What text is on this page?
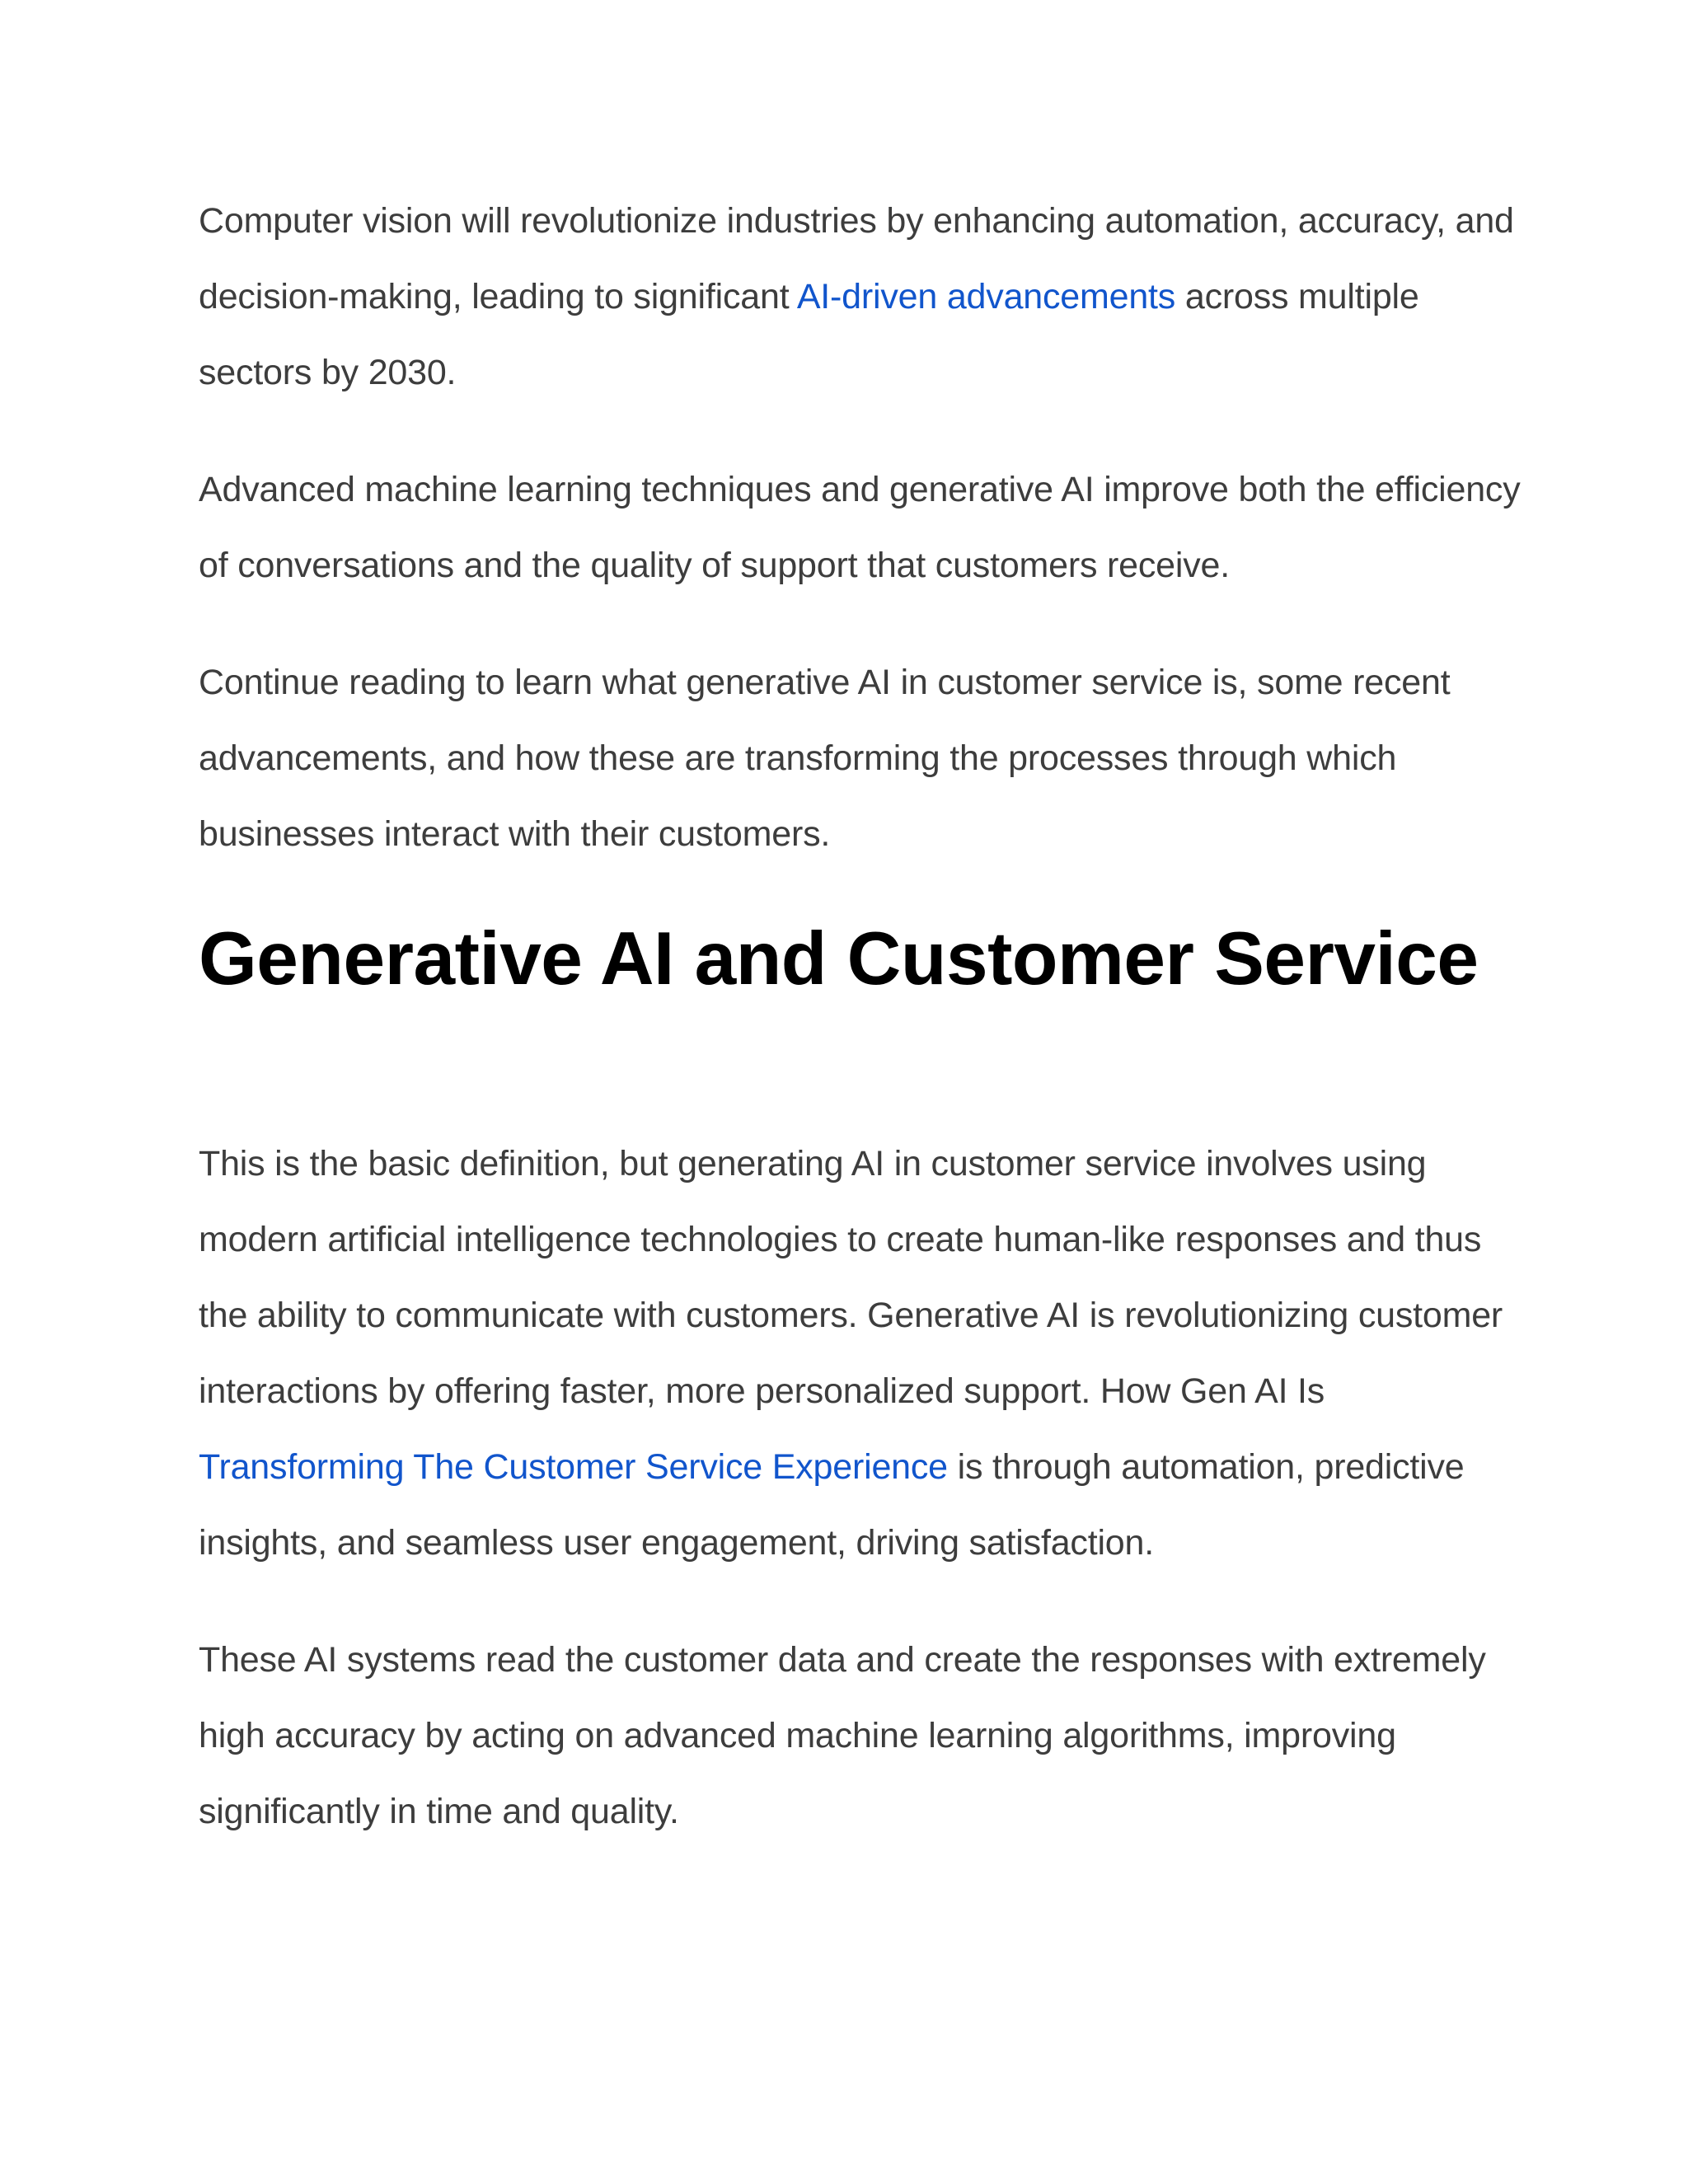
Computer vision will revolutionize industries by enhancing automation, accuracy, and decision-making, leading to significant AI-driven advancements across multiple sectors by 2030.

Advanced machine learning techniques and generative AI improve both the efficiency of conversations and the quality of support that customers receive.

Continue reading to learn what generative AI in customer service is, some recent advancements, and how these are transforming the processes through which businesses interact with their customers.

Generative AI and Customer Service

This is the basic definition, but generating AI in customer service involves using modern artificial intelligence technologies to create human-like responses and thus the ability to communicate with customers. Generative AI is revolutionizing customer interactions by offering faster, more personalized support. How Gen AI Is Transforming The Customer Service Experience is through automation, predictive insights, and seamless user engagement, driving satisfaction.

These AI systems read the customer data and create the responses with extremely high accuracy by acting on advanced machine learning algorithms, improving significantly in time and quality.
